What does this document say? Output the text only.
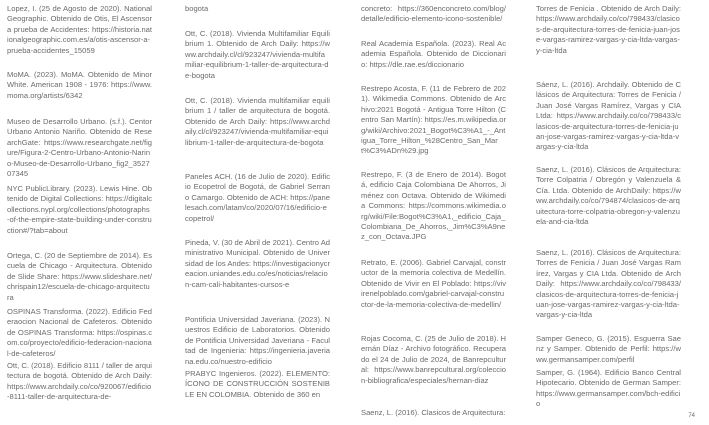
Lopez, I. (25 de Agosto de 2020). National Geographic. Obtenido de Otis, El Ascensor a prueba de Accidentes: https://historia.nationalgeographic.com.es/a/otis-ascensor-a-prueba-accidentes_15059

MoMA. (2023). MoMA. Obtenido de Minor White. American 1908 - 1976: https://www.moma.org/artists/6342

Museo de Desarrollo Urbano. (s.f.). Centor Urbano Antonio Nariño. Obtenido de ResearchGate: https://www.researchgate.net/figure/Figura-2-Centro-Urbano-Antonio-Narino-Museo-de-Desarrollo-Urbano_fig2_352707345

NYC PublicLibrary. (2023). Lewis Hine. Obtenido de Digital Collections: https://digitalcollections.nypl.org/collections/photographs-of-the-empire-state-building-under-construction#/?tab=about

Ortega, C. (20 de Septiembre de 2014). Escuela de Chicago - Arquitectura. Obtenido de Slide Share: https://www.slideshare.net/chrispain12/escuela-de-chicago-arquitectura

OSPINAS Transforma. (2022). Edificio Federaocion Nacional de Cafeteros. Obtenido de OSPINAS Transforma: https://ospinas.com.co/proyecto/edificio-federacion-nacional-de-cafeteros/

Ott, C. (2018). Edificio 8111 / taller de arquitectura de bogotá. Obtenido de Arch Daily: https://www.archdaily.co/co/920067/edificio-8111-taller-de-arquitectura-de-

bogota

Ott, C. (2018). Vivienda Multifamiliar Equilibrium 1. Obtenido de Arch Daily: https://www.archdaily.cl/cl/923247/vivienda-multifamiliar-equilibrium-1-taller-de-arquitectura-de-bogota

Ott, C. (2018). Vivienda multifamiliar equilibrium 1 / taller de arquitectura de bogotá. Obtenido de Arch Daily: https://www.archdaily.cl/cl/923247/vivienda-multifamiliar-equilibrium-1-taller-de-arquitectura-de-bogota

Paneles ACH. (16 de Julio de 2020). Edificio Ecopetrol de Bogotá, de Gabriel Serrano Camargo. Obtenido de ACH: https://panelesach.com/latam/co/2020/07/16/edificio-ecopetrol/

Pineda, V. (30 de Abril de 2021). Centro Administrativo Municipal. Obtenido de Universidad de los Andes: https://investigacionycreacion.uniandes.edu.co/es/noticias/relacion-cam-cali-habitantes-cursos-e

Pontificia Universidad Javeriana. (2023). Nuestros Edificio de Laboratorios. Obtenido de Pontificia Universidad Javeriana - Facultad de Ingenieria: https://ingenieria.javeriana.edu.co/nuestro-edificio

PRABYC Ingenieros. (2022). ELEMENTO: ÍCONO DE CONSTRUCCIÓN SOSTENIBLE EN COLOMBIA. Obtenido de 360 en

concreto: https://360enconcreto.com/blog/detalle/edificio-elemento-icono-sostenible/

Real Academia Española. (2023). Real Academia Española. Obtenido de Diccionario: https://dle.rae.es/diccionario

Restrepo Acosta, F. (11 de Febrero de 2021). Wikimedia Commons. Obtenido de Archivo:2021 Bogotá - Antigua Torre Hilton (Centro San Martín): https://es.m.wikipedia.org/wiki/Archivo:2021_Bogot%C3%A1_-_Antigua_Torre_Hilton_%28Centro_San_Mart%C3%ADn%29.jpg

Restrepo, F. (3 de Enero de 2014). Bogotá, edificio Caja Colombiana De Ahorros, Jiménez con Octava. Obtenido de Wikimedia Commons: https://commons.wikimedia.org/wiki/File:Bogot%C3%A1,_edificio_Caja_Colombiana_De_Ahorros,_Jim%C3%A9nez_con_Octava.JPG

Retrato, E. (2006). Gabriel Carvajal, constructor de la memoria colectiva de Medellín. Obtenido de Vivir en El Poblado: https://vivirenelpoblado.com/gabriel-carvajal-constructor-de-la-memoria-colectiva-de-medellin/

Rojas Cocoma, C. (25 de Julio de 2018). Hernán Díaz - Archivo fotográfico. Recuperado el 24 de Julio de 2024, de Banrepcultural: https://www.banrepcultural.org/coleccion-bibliografica/especiales/hernan-diaz

Saenz, L. (2016). Clasicos de Arquitectura:

Torres de Fenicia . Obtenido de Arch Daily: https://www.archdaily.co/co/798433/clasicos-de-arquitectura-torres-de-fenicia-juan-jose-vargas-ramirez-vargas-y-cia-ltda-vargas-y-cia-ltda

Sáenz, L. (2016). Archdaily. Obtenido de Clásicos de Arquitectura: Torres de Fenicia / Juan José Vargas Ramírez, Vargas y CIA Ltda: https://www.archdaily.co/co/798433/clasicos-de-arquitectura-torres-de-fenicia-juan-jose-vargas-ramirez-vargas-y-cia-ltda-vargas-y-cia-ltda

Saenz, L. (2016). Clásicos de Arquitectura: Torre Colpatria / Obregón y Valenzuela & Cía. Ltda. Obtenido de ArchDaily: https://www.archdaily.co/co/794874/clasicos-de-arquitectura-torre-colpatria-obregon-y-valenzuela-and-cia-ltda

Saenz, L. (2016). Clásicos de Arquitectura: Torres de Fenicia / Juan José Vargas Ramírez, Vargas y CIA Ltda. Obtenido de Arch Daily: https://www.archdaily.co/co/798433/clasicos-de-arquitectura-torres-de-fenicia-juan-jose-vargas-ramirez-vargas-y-cia-ltda-vargas-y-cia-ltda

Samper Geneco, G. (2015). Esguerra Saenz y Samper. Obtenido de Perfil: https://www.germansamper.com/perfil

Samper, G. (1964). Edificio Banco Central Hipotecario. Obtenido de German Samper: https://www.germansamper.com/bch-edificio

74
